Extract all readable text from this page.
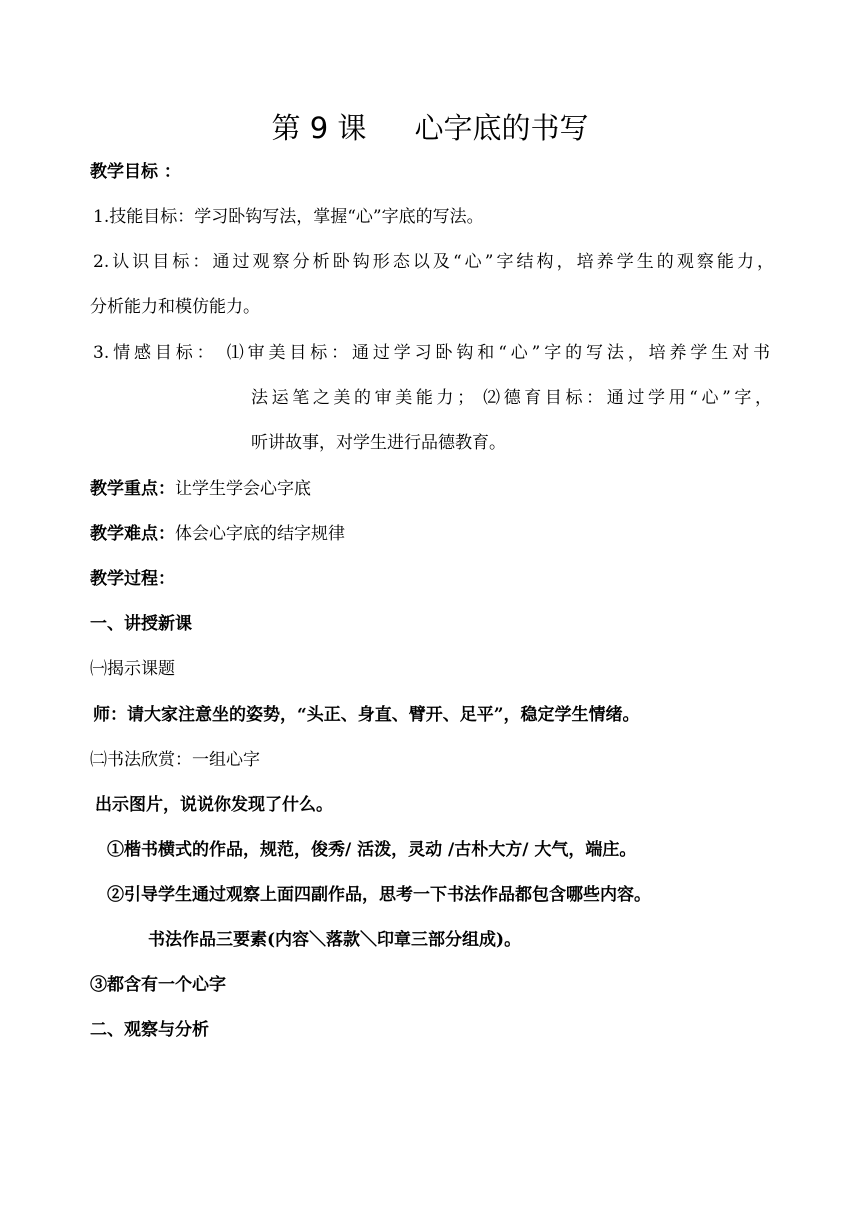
第 9 课 心字底的书写
教学目标 ：
1.技能目标：学习卧钩写法，掌握“心”字底的写法。
2.认识目标：通过观察分析卧钩形态以及“心”字结构，培养学生的观察能力，
分析能力和模仿能力。
3.情感目标： ⑴审美目标：通过学习卧钩和“心”字的写法，培养学生对书
法运笔之美的审美能力； ⑵德育目标：通过学用“心”字，
听讲故事，对学生进行品德教育。
教学重点：让学生学会心字底
教学难点：体会心字底的结字规律
教学过程：
一、讲授新课
㈠揭示课题
师：请大家注意坐的姿势，“头正、身直、臂开、足平”，稳定学生情绪。
㈡书法欣赏：一组心字
出示图片，说说你发现了什么。
①楷书横式的作品，规范，俊秀/ 活泼，灵动 /古朴大方/ 大气，端庄。
②引导学生通过观察上面四副作品，思考一下书法作品都包含哪些内容。
书法作品三要素(内容＼落款＼印章三部分组成)。
③都含有一个心字
二、观察与分析
